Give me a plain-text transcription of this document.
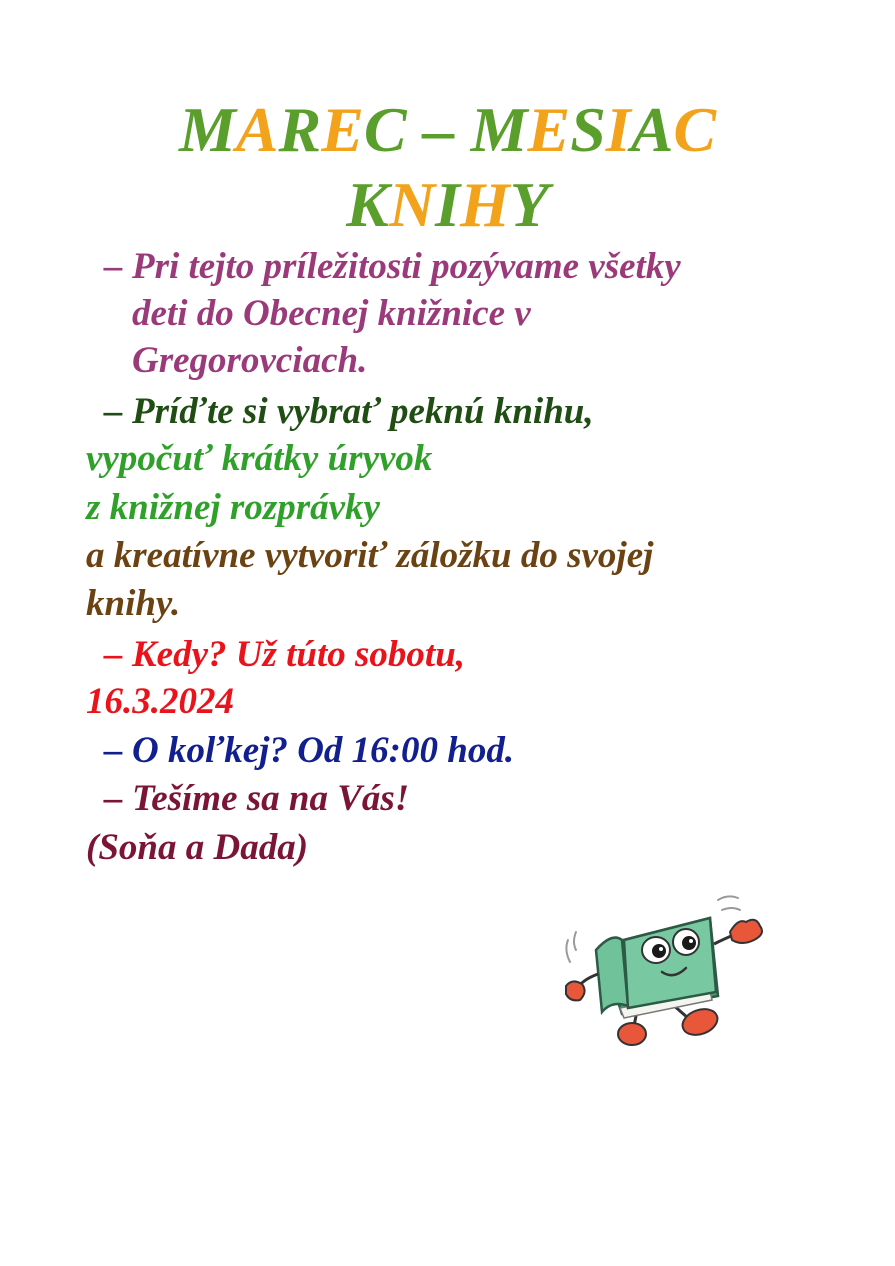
MAREC – MESIAC
KNIHY
– Pri tejto príležitosti pozývame všetky
deti do Obecnej knižnice v
Gregorovciach.
– Príďte si vybrať peknú knihu,
vypočuť krátky úryvok
z knižnej rozprávky
a kreatívne vytvoriť záložku do svojej
knihy.
– Kedy? Už túto sobotu,
16.3.2024
– O koľkej? Od 16:00 hod.
– Tešíme sa na Vás!
(Soňa a Dada)
